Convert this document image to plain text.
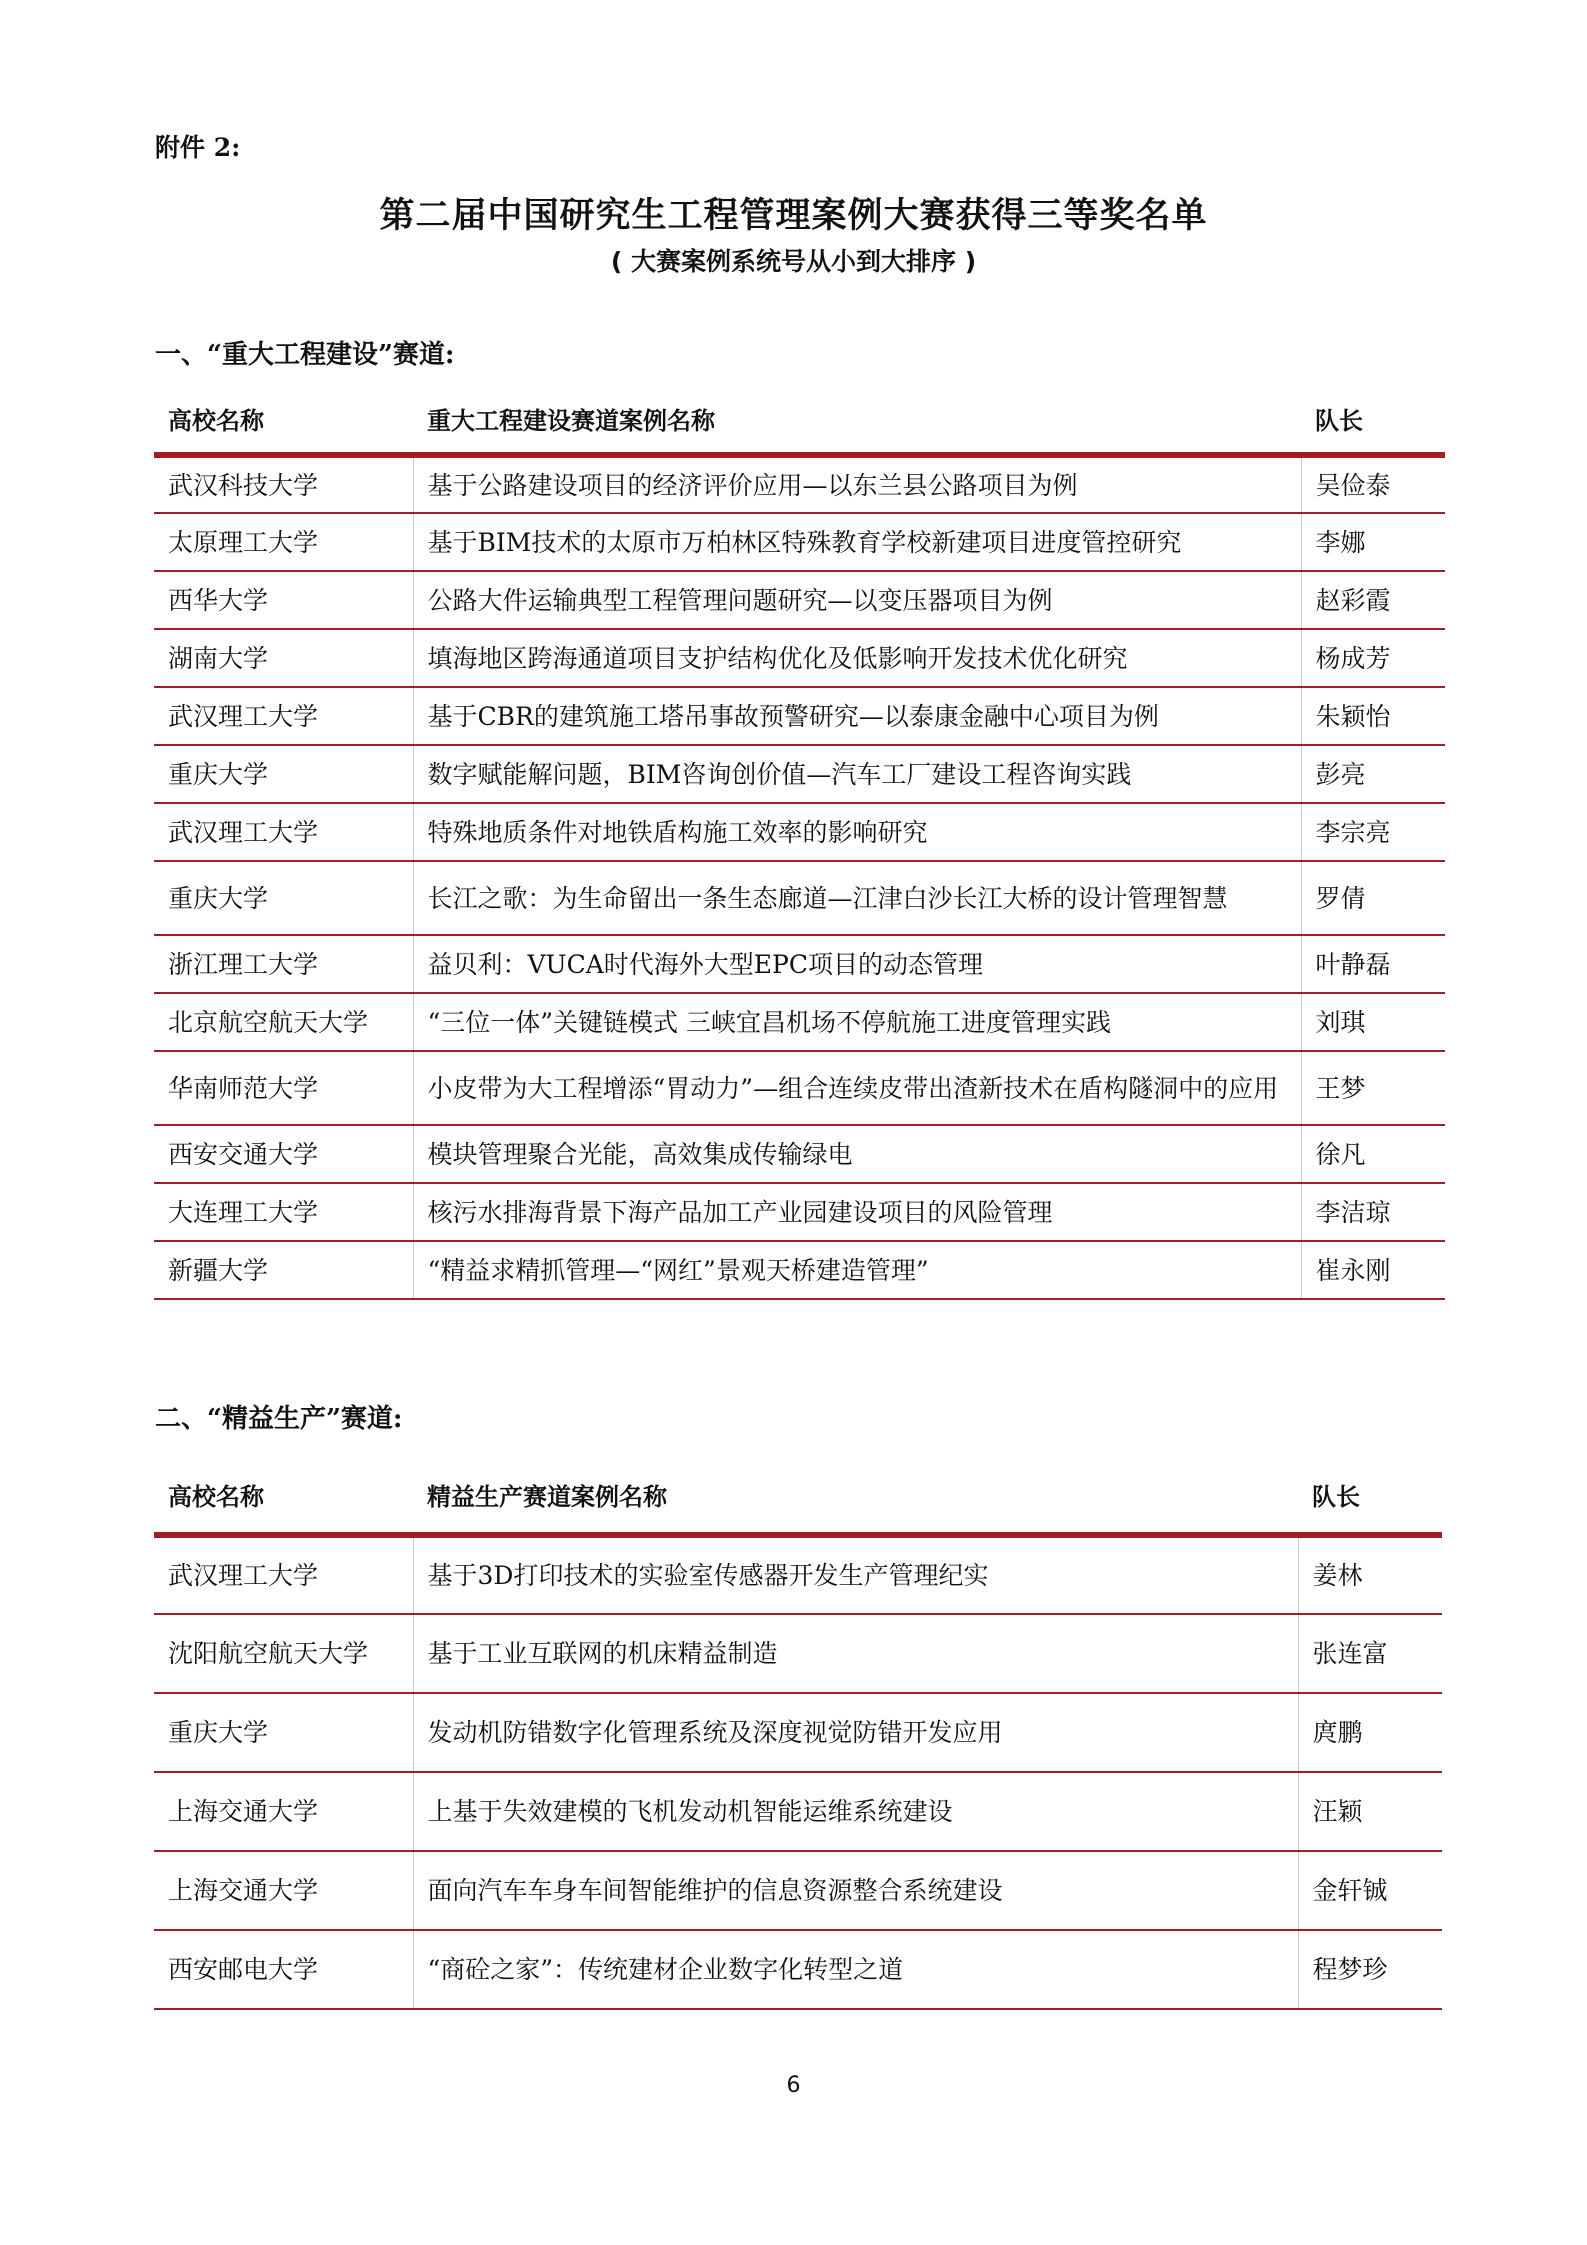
附件 2:
第二届中国研究生工程管理案例大赛获得三等奖名单
( 大赛案例系统号从小到大排序 )
一、“重大工程建设”赛道:
高校名称	重大工程建设赛道案例名称	队长
武汉科技大学	基于公路建设项目的经济评价应用—以东兰县公路项目为例	吴俭泰
太原理工大学	基于BIM技术的太原市万柏林区特殊教育学校新建项目进度管控研究	李娜
西华大学	公路大件运输典型工程管理问题研究—以变压器项目为例	赵彩霞
湖南大学	填海地区跨海通道项目支护结构优化及低影响开发技术优化研究	杨成芳
武汉理工大学	基于CBR的建筑施工塔吊事故预警研究—以泰康金融中心项目为例	朱颖怡
重庆大学	数字赋能解问题，BIM咨询创价值—汽车工厂建设工程咨询实践	彭亮
武汉理工大学	特殊地质条件对地铁盾构施工效率的影响研究	李宗亮
重庆大学	长江之歌：为生命留出一条生态廊道—江津白沙长江大桥的设计管理智慧	罗倩
浙江理工大学	益贝利：VUCA时代海外大型EPC项目的动态管理	叶静磊
北京航空航天大学	“三位一体”关键链模式 三峡宜昌机场不停航施工进度管理实践	刘琪
华南师范大学	小皮带为大工程增添“胃动力”—组合连续皮带出渣新技术在盾构隧洞中的应用	王梦
西安交通大学	模块管理聚合光能，高效集成传输绿电	徐凡
大连理工大学	核污水排海背景下海产品加工产业园建设项目的风险管理	李洁琼
新疆大学	“精益求精抓管理—“网红”景观天桥建造管理”	崔永刚
二、“精益生产”赛道:
高校名称	精益生产赛道案例名称	队长
武汉理工大学	基于3D打印技术的实验室传感器开发生产管理纪实	姜林
沈阳航空航天大学	基于工业互联网的机床精益制造	张连富
重庆大学	发动机防错数字化管理系统及深度视觉防错开发应用	庹鹏
上海交通大学	上基于失效建模的飞机发动机智能运维系统建设	汪颖
上海交通大学	面向汽车车身车间智能维护的信息资源整合系统建设	金轩铖
西安邮电大学	“商砼之家”：传统建材企业数字化转型之道	程梦珍
6
